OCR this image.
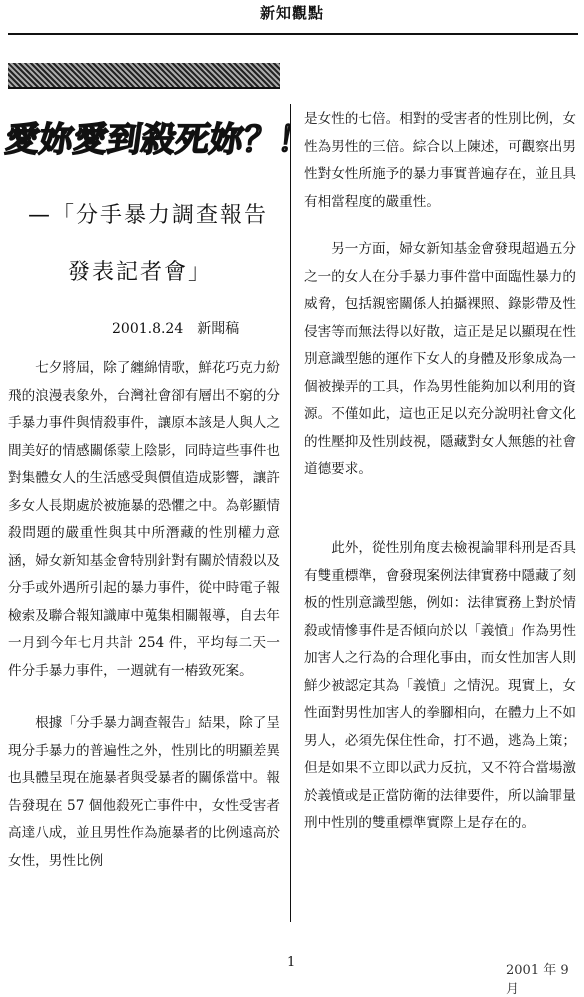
新知觀點
愛妳愛到殺死妳？！
—「分手暴力調查報告
發表記者會」
2001.8.24 新聞稿

七夕將屆，除了纏綿情歌，鮮花巧克力紛飛的浪漫表象外，台灣社會卻有層出不窮的分手暴力事件與情殺事件，讓原本該是人與人之間美好的情感關係蒙上陰影，同時這些事件也對集體女人的生活感受與價值造成影響，讓許多女人長期處於被施暴的恐懼之中。為彰顯情殺問題的嚴重性與其中所潛藏的性別權力意涵，婦女新知基金會特別針對有關於情殺以及分手或外遇所引起的暴力事件，從中時電子報檢索及聯合報知識庫中蒐集相關報導，自去年一月到今年七月共計 254 件，平均每二天一件分手暴力事件，一週就有一樁致死案。

根據「分手暴力調查報告」結果，除了呈現分手暴力的普遍性之外，性別比的明顯差異也具體呈現在施暴者與受暴者的關係當中。報告發現在 57 個他殺死亡事件中，女性受害者高達八成，並且男性作為施暴者的比例遠高於女性，男性比例

是女性的七倍。相對的受害者的性別比例，女性為男性的三倍。綜合以上陳述，可觀察出男性對女性所施予的暴力事實普遍存在，並且具有相當程度的嚴重性。

另一方面，婦女新知基金會發現超過五分之一的女人在分手暴力事件當中面臨性暴力的威脅，包括親密關係人拍攝裸照、錄影帶及性侵害等而無法得以好散，這正是足以顯現在性別意識型態的運作下女人的身體及形象成為一個被操弄的工具，作為男性能夠加以利用的資源。不僅如此，這也正足以充分說明社會文化的性壓抑及性別歧視，隱藏對女人無態的社會道德要求。

此外，從性別角度去檢視論罪科刑是否具有雙重標準，會發現案例法律實務中隱藏了刻板的性別意識型態，例如：法律實務上對於情殺或情慘事件是否傾向於以「義憤」作為男性加害人之行為的合理化事由，而女性加害人則鮮少被認定其為「義憤」之情況。現實上，女性面對男性加害人的拳腳相向，在體力上不如男人，必須先保住性命，打不過，逃為上策；但是如果不立即以武力反抗，又不符合當場激於義憤或是正當防衛的法律要件，所以論罪量刑中性別的雙重標準實際上是存在的。

1
2001 年 9 月
